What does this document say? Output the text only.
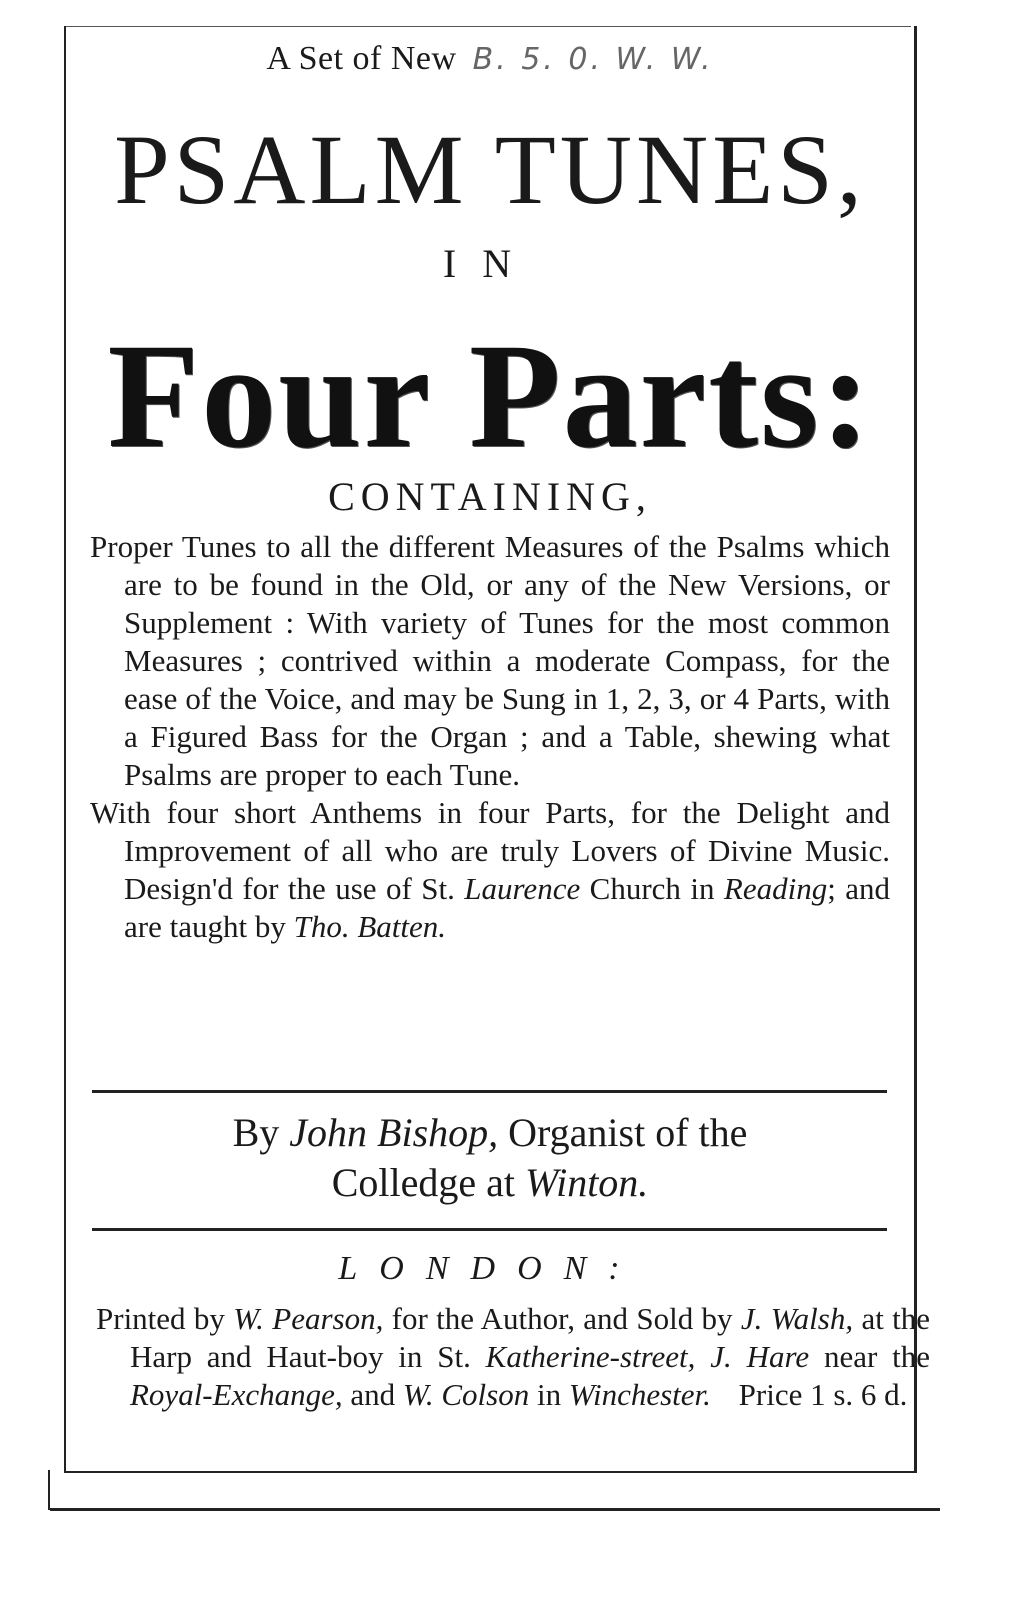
A Set of New B. 5. 0. W. W.
PSALM TUNES,
IN
Four Parts:
CONTAINING,

Proper Tunes to all the different Measures of the Psalms which are to be found in the Old, or any of the New Versions, or Supplement : With variety of Tunes for the most common Measures ; contrived within a moderate Compass, for the ease of the Voice, and may be Sung in 1, 2, 3, or 4 Parts, with a Figured Bass for the Organ ; and a Table, shewing what Psalms are proper to each Tune.

With four short Anthems in four Parts, for the Delight and Improvement of all who are truly Lovers of Divine Music. Design'd for the use of St. Laurence Church in Reading; and are taught by Tho. Batten.

By John Bishop, Organist of the
Colledge at Winton.
LONDON:
Printed by W. Pearson, for the Author, and Sold by J. Walsh, at the Harp and Haut-boy in St. Katherine-street, J. Hare near the Royal-Exchange, and W. Colson in Winchester. Price 1 s. 6 d.
